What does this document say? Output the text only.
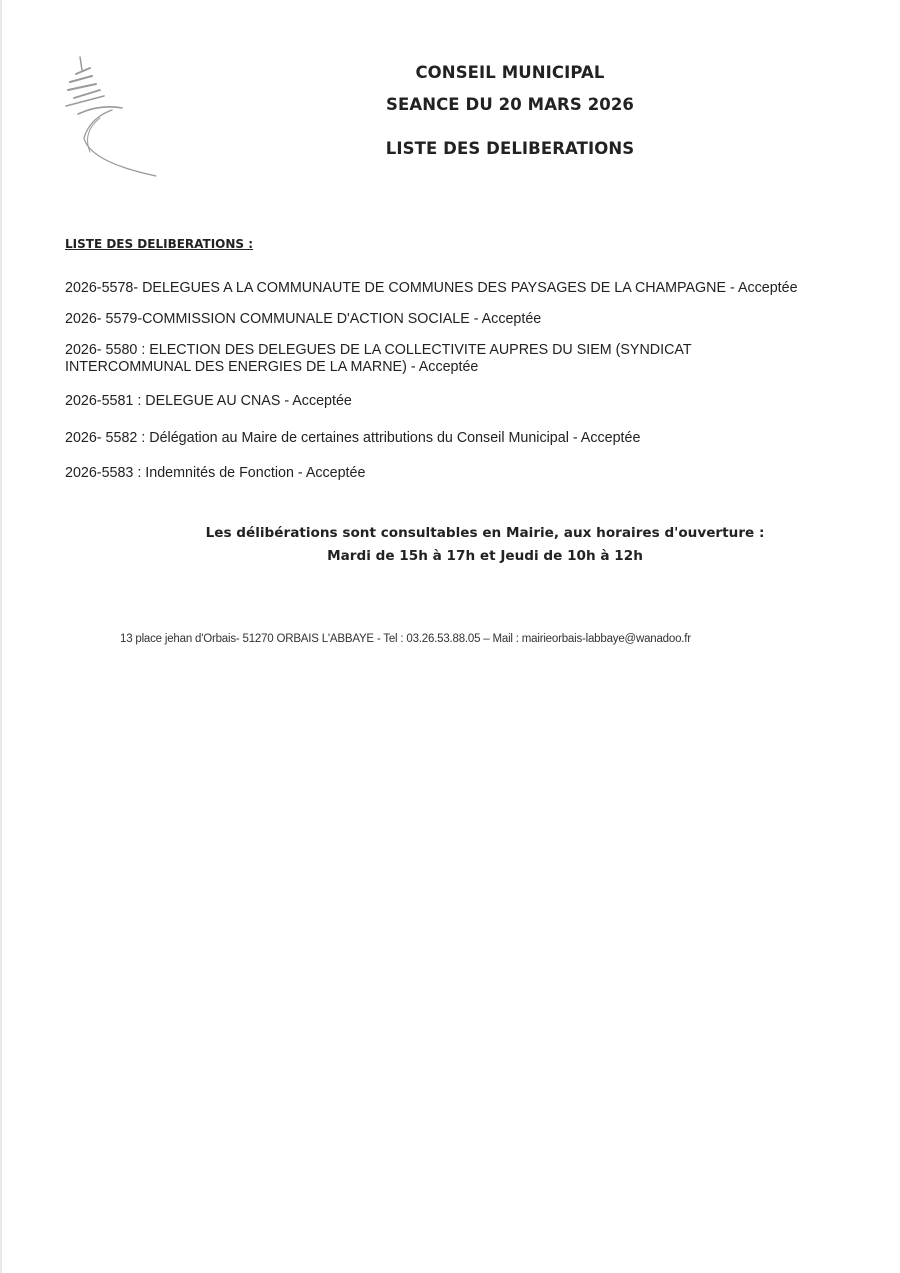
CONSEIL MUNICIPAL
SEANCE DU 20 MARS 2026
LISTE DES DELIBERATIONS
LISTE DES DELIBERATIONS :
2026-5578- DELEGUES A LA COMMUNAUTE DE COMMUNES DES PAYSAGES DE LA CHAMPAGNE - Acceptée
2026- 5579-COMMISSION COMMUNALE D'ACTION SOCIALE - Acceptée
2026- 5580 : ELECTION DES DELEGUES DE LA COLLECTIVITE AUPRES DU SIEM (SYNDICAT INTERCOMMUNAL DES ENERGIES DE LA MARNE) - Acceptée
2026-5581 : DELEGUE AU CNAS - Acceptée
2026- 5582 : Délégation au Maire de certaines attributions du Conseil Municipal - Acceptée
2026-5583 : Indemnités de Fonction - Acceptée
Les délibérations sont consultables en Mairie, aux horaires d'ouverture :
Mardi de 15h à 17h et Jeudi de 10h à 12h
13 place jehan d'Orbais- 51270 ORBAIS L'ABBAYE - Tel : 03.26.53.88.05 – Mail : mairieorbais-labbaye@wanadoo.fr
